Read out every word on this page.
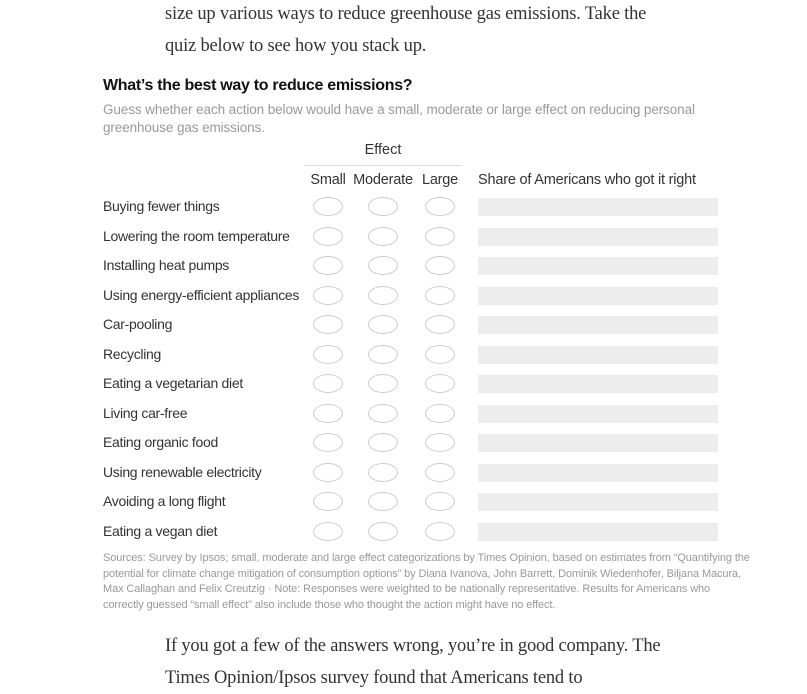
size up various ways to reduce greenhouse gas emissions. Take the
quiz below to see how you stack up.
What’s the best way to reduce emissions?
Guess whether each action below would have a small, moderate or large effect on reducing personal
greenhouse gas emissions.
Effect
Small Moderate Large Share of Americans who got it right
Buying fewer things
Lowering the room temperature
Installing heat pumps
Using energy-efficient appliances
Car-pooling
Recycling
Eating a vegetarian diet
Living car-free
Eating organic food
Using renewable electricity
Avoiding a long flight
Eating a vegan diet
Sources: Survey by Ipsos; small, moderate and large effect categorizations by Times Opinion, based on estimates from “Quantifying the
potential for climate change mitigation of consumption options” by Diana Ivanova, John Barrett, Dominik Wiedenhofer, Biljana Macura,
Max Callaghan and Felix Creutzig · Note: Responses were weighted to be nationally representative. Results for Americans who
correctly guessed “small effect” also include those who thought the action might have no effect.
If you got a few of the answers wrong, you’re in good company. The
Times Opinion/Ipsos survey found that Americans tend to
